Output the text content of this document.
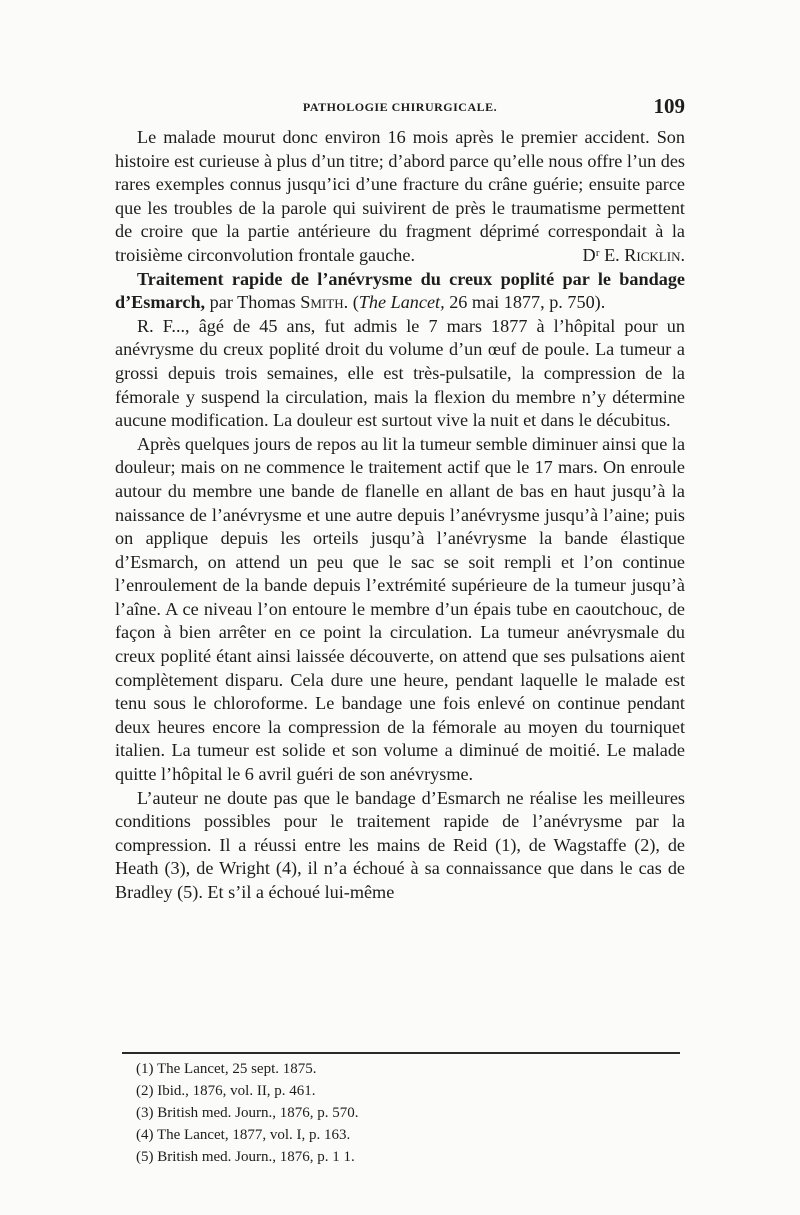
PATHOLOGIE CHIRURGICALE.	109

Le malade mourut donc environ 16 mois après le premier accident. Son histoire est curieuse à plus d’un titre; d’abord parce qu’elle nous offre l’un des rares exemples connus jusqu’ici d’une fracture du crâne guérie; ensuite parce que les troubles de la parole qui suivirent de près le traumatisme permettent de croire que la partie antérieure du fragment déprimé correspondait à la troisième circonvolution frontale gauche.	Dʳ E. Ricklin.

Traitement rapide de l’anévrysme du creux poplité par le bandage d’Esmarch, par Thomas Smith. (The Lancet, 26 mai 1877, p. 750).

R. F..., âgé de 45 ans, fut admis le 7 mars 1877 à l’hôpital pour un anévrysme du creux poplité droit du volume d’un œuf de poule. La tumeur a grossi depuis trois semaines, elle est très-pulsatile, la compression de la fémorale y suspend la circulation, mais la flexion du membre n’y détermine aucune modification. La douleur est surtout vive la nuit et dans le décubitus.

Après quelques jours de repos au lit la tumeur semble diminuer ainsi que la douleur; mais on ne commence le traitement actif que le 17 mars. On enroule autour du membre une bande de flanelle en allant de bas en haut jusqu’à la naissance de l’anévrysme et une autre depuis l’anévrysme jusqu’à l’aine; puis on applique depuis les orteils jusqu’à l’anévrysme la bande élastique d’Esmarch, on attend un peu que le sac se soit rempli et l’on continue l’enroulement de la bande depuis l’extrémité supérieure de la tumeur jusqu’à l’aîne. A ce niveau l’on entoure le membre d’un épais tube en caoutchouc, de façon à bien arrêter en ce point la circulation. La tumeur anévrysmale du creux poplité étant ainsi laissée découverte, on attend que ses pulsations aient complètement disparu. Cela dure une heure, pendant laquelle le malade est tenu sous le chloroforme. Le bandage une fois enlevé on continue pendant deux heures encore la compression de la fémorale au moyen du tourniquet italien. La tumeur est solide et son volume a diminué de moitié. Le malade quitte l’hôpital le 6 avril guéri de son anévrysme.

L’auteur ne doute pas que le bandage d’Esmarch ne réalise les meilleures conditions possibles pour le traitement rapide de l’anévrysme par la compression. Il a réussi entre les mains de Reid (1), de Wagstaffe (2), de Heath (3), de Wright (4), il n’a échoué à sa connaissance que dans le cas de Bradley (5). Et s’il a échoué lui-même

(1) The Lancet, 25 sept. 1875.
(2) Ibid., 1876, vol. II, p. 461.
(3) British med. Journ., 1876, p. 570.
(4) The Lancet, 1877, vol. I, p. 163.
(5) British med. Journ., 1876, p. 1 1.
